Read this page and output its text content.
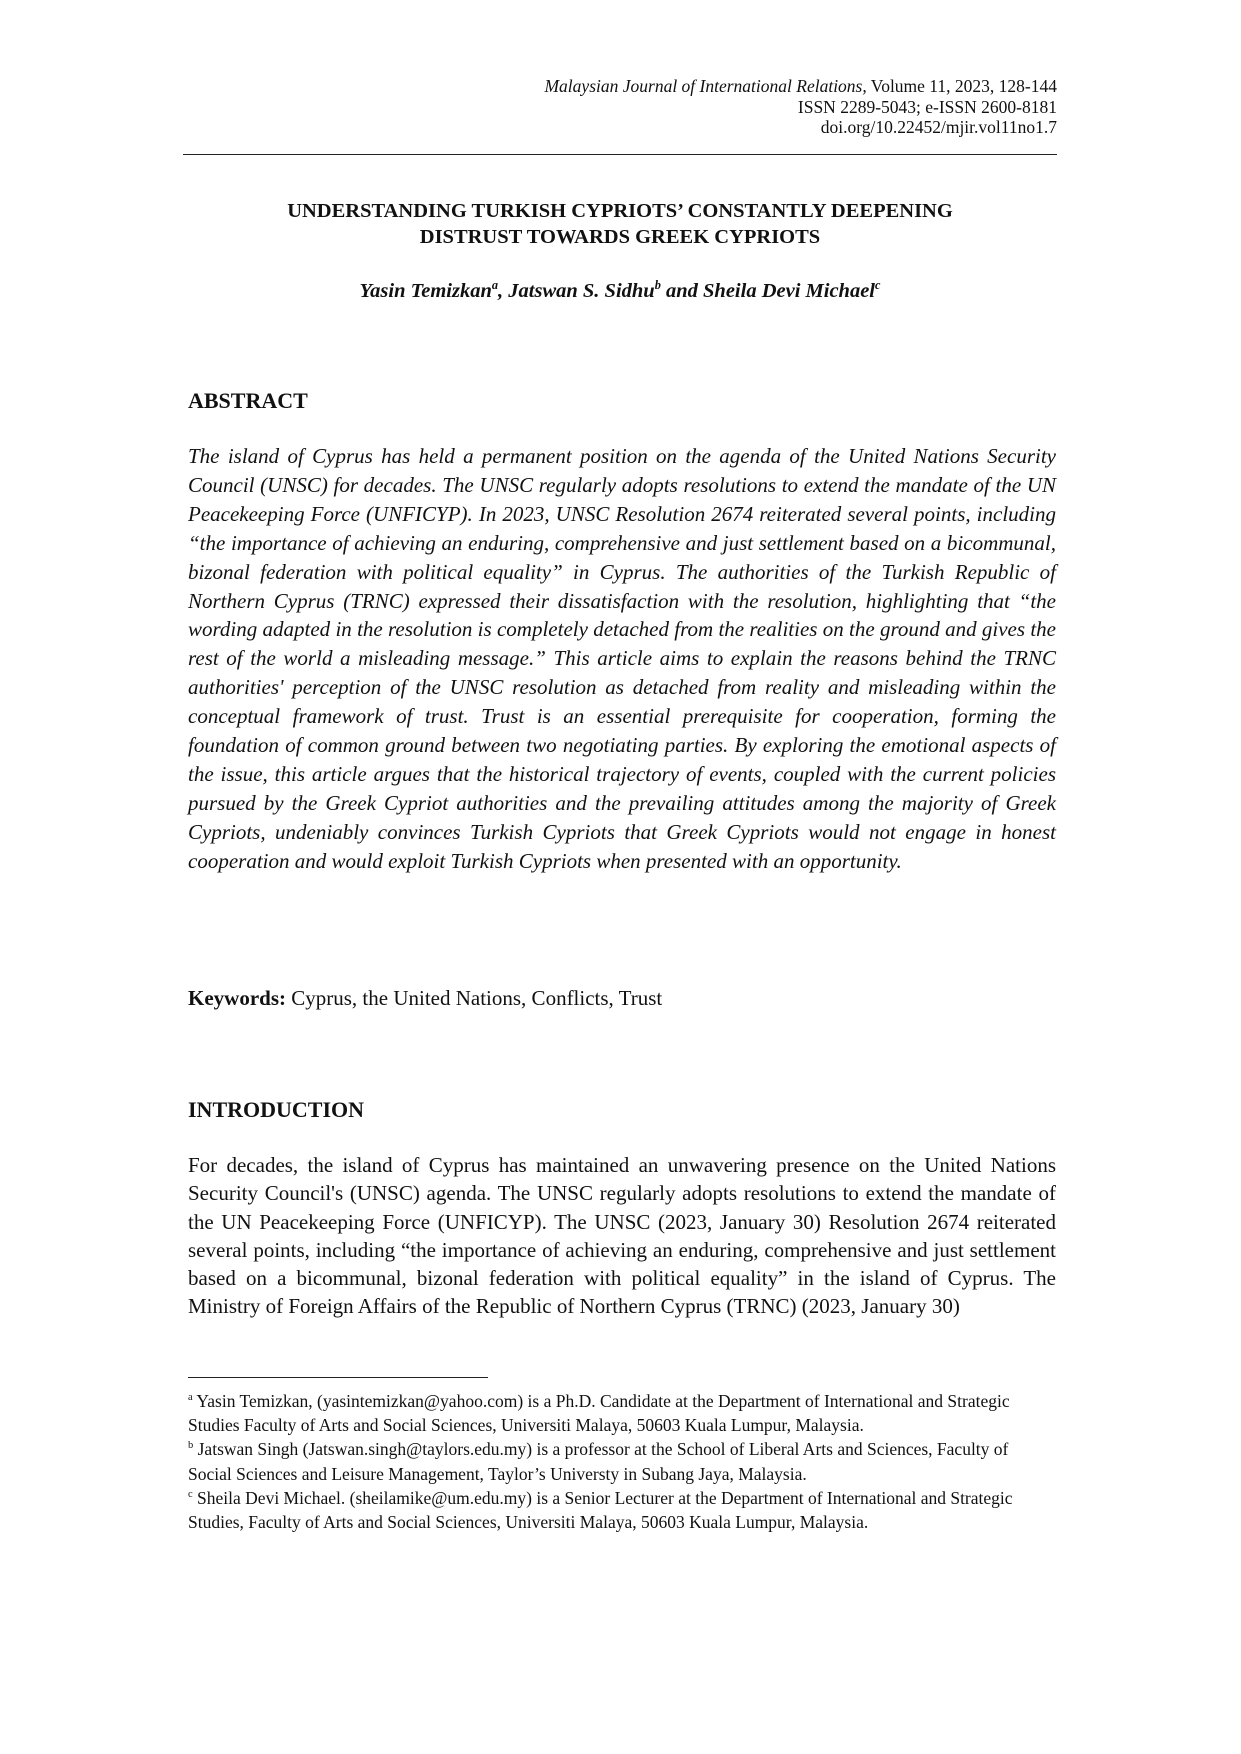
Malaysian Journal of International Relations, Volume 11, 2023, 128-144
ISSN 2289-5043; e-ISSN 2600-8181
doi.org/10.22452/mjir.vol11no1.7
UNDERSTANDING TURKISH CYPRIOTS’ CONSTANTLY DEEPENING
DISTRUST TOWARDS GREEK CYPRIOTS
Yasin Temizkan$^a$, Jatswan S. Sidhu$^b$ and Sheila Devi Michael$^c$
ABSTRACT
The island of Cyprus has held a permanent position on the agenda of the United Nations Security Council (UNSC) for decades. The UNSC regularly adopts resolutions to extend the mandate of the UN Peacekeeping Force (UNFICYP). In 2023, UNSC Resolution 2674 reiterated several points, including “the importance of achieving an enduring, comprehensive and just settlement based on a bicommunal, bizonal federation with political equality” in Cyprus. The authorities of the Turkish Republic of Northern Cyprus (TRNC) expressed their dissatisfaction with the resolution, highlighting that “the wording adapted in the resolution is completely detached from the realities on the ground and gives the rest of the world a misleading message.” This article aims to explain the reasons behind the TRNC authorities' perception of the UNSC resolution as detached from reality and misleading within the conceptual framework of trust. Trust is an essential prerequisite for cooperation, forming the foundation of common ground between two negotiating parties. By exploring the emotional aspects of the issue, this article argues that the historical trajectory of events, coupled with the current policies pursued by the Greek Cypriot authorities and the prevailing attitudes among the majority of Greek Cypriots, undeniably convinces Turkish Cypriots that Greek Cypriots would not engage in honest cooperation and would exploit Turkish Cypriots when presented with an opportunity.
Keywords: Cyprus, the United Nations, Conflicts, Trust
INTRODUCTION
For decades, the island of Cyprus has maintained an unwavering presence on the United Nations Security Council's (UNSC) agenda. The UNSC regularly adopts resolutions to extend the mandate of the UN Peacekeeping Force (UNFICYP). The UNSC (2023, January 30) Resolution 2674 reiterated several points, including “the importance of achieving an enduring, comprehensive and just settlement based on a bicommunal, bizonal federation with political equality” in the island of Cyprus. The Ministry of Foreign Affairs of the Republic of Northern Cyprus (TRNC) (2023, January 30)

$^a$ Yasin Temizkan, (yasintemizkan@yahoo.com) is a Ph.D. Candidate at the Department of International and Strategic Studies Faculty of Arts and Social Sciences, Universiti Malaya, 50603 Kuala Lumpur, Malaysia.

$^b$ Jatswan Singh (Jatswan.singh@taylors.edu.my) is a professor at the School of Liberal Arts and Sciences, Faculty of Social Sciences and Leisure Management, Taylor’s Universty in Subang Jaya, Malaysia.

$^c$ Sheila Devi Michael. (sheilamike@um.edu.my) is a Senior Lecturer at the Department of International and Strategic Studies, Faculty of Arts and Social Sciences, Universiti Malaya, 50603 Kuala Lumpur, Malaysia.
